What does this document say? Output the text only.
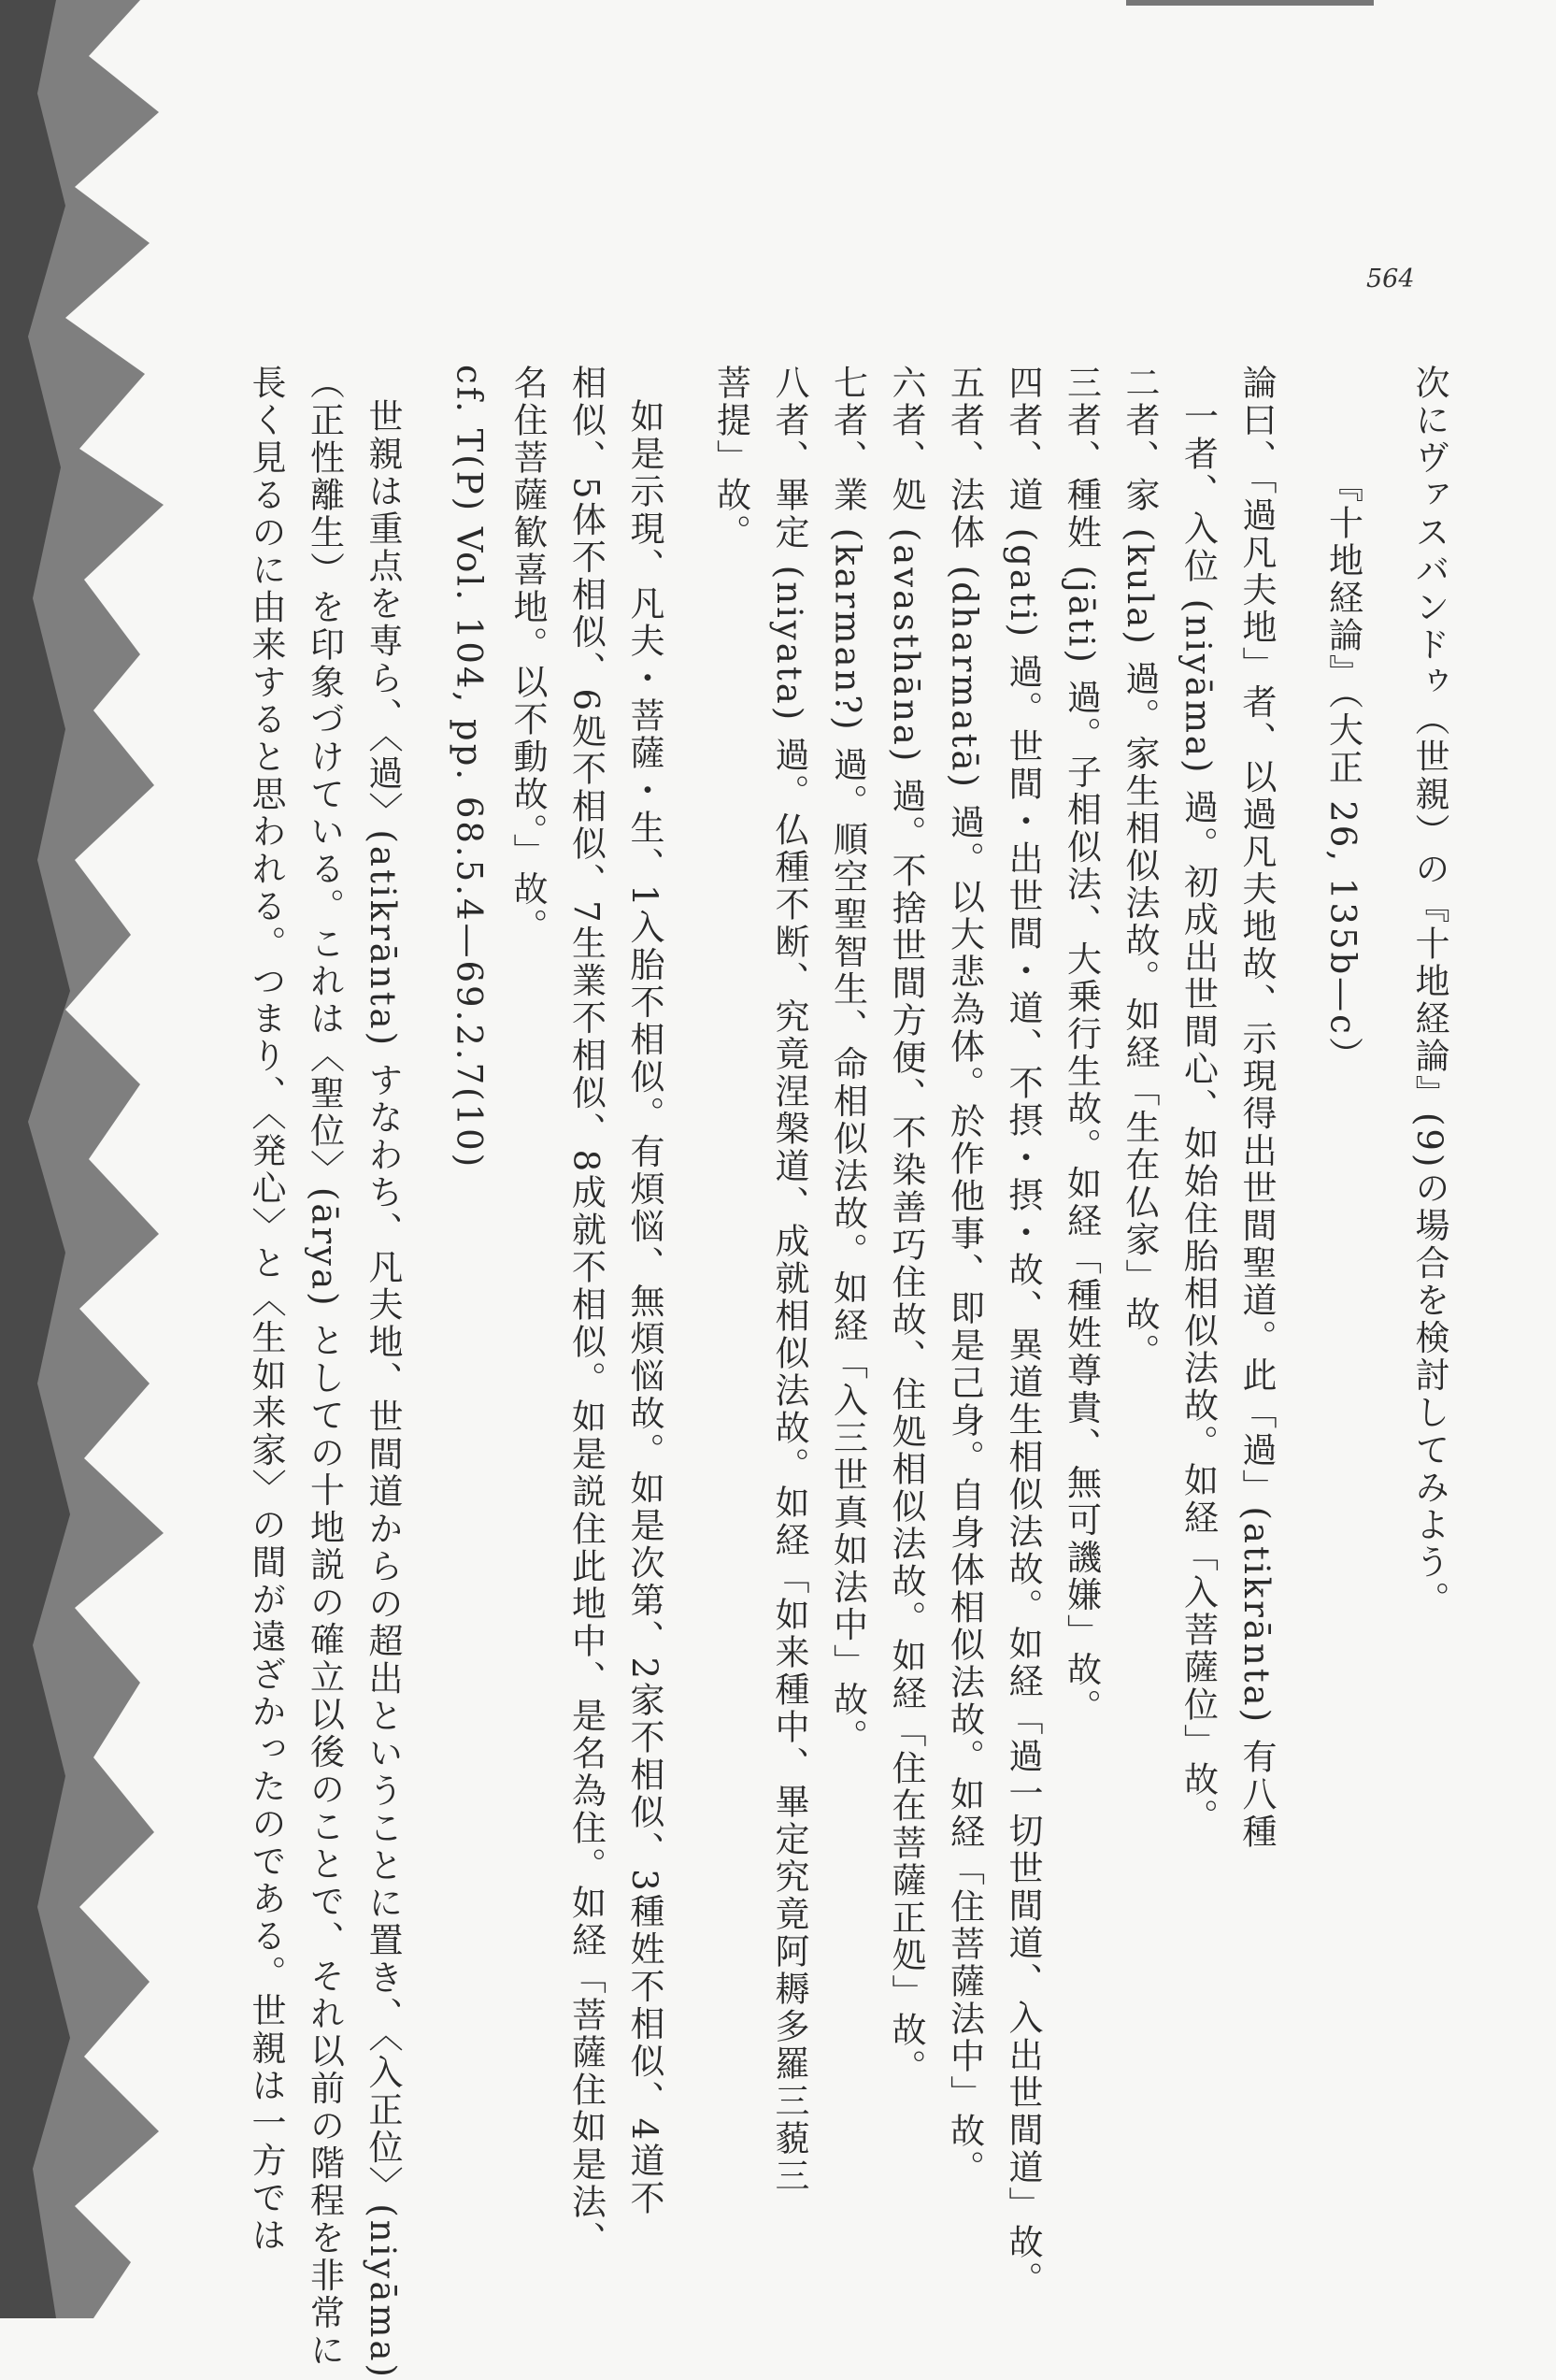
564

次にヴァスバンドゥ（世親）の『十地経論』(9)の場合を検討してみよう。

『十地経論』（大正 26, 135b—c）

論曰、「過凡夫地」者、以過凡夫地故、示現得出世間聖道。此「過」(atikrānta) 有八種

一者、入位 (niyāma) 過。初成出世間心、如始住胎相似法故。如経「入菩薩位」故。

二者、家 (kula) 過。家生相似法故。如経「生在仏家」故。

三者、種姓 (jāti) 過。子相似法、大乗行生故。如経「種姓尊貴、無可譏嫌」故。

四者、道 (gati) 過。世間・出世間・道、不摂・摂・故、異道生相似法故。如経「過一切世間道、入出世間道」故。

五者、法体 (dharmatā) 過。以大悲為体。於作他事、即是己身。自身体相似法故。如経「住菩薩法中」故。

六者、処 (avasthāna) 過。不捨世間方便、不染善巧住故、住処相似法故。如経「住在菩薩正処」故。

七者、業 (karman?) 過。順空聖智生、命相似法故。如経「入三世真如法中」故。

八者、畢定 (niyata) 過。仏種不断、究竟涅槃道、成就相似法故。如経「如来種中、畢定究竟阿耨多羅三藐三

菩提」故。

如是示現、凡夫・菩薩・生、1入胎不相似。有煩悩、無煩悩故。如是次第、2家不相似、3種姓不相似、4道不

相似、5体不相似、6処不相似、7生業不相似、8成就不相似。如是説住此地中、是名為住。如経「菩薩住如是法、

名住菩薩歓喜地。以不動故。」故。

cf. T(P) Vol. 104, pp. 68.5.4—69.2.7(10)

世親は重点を専ら、〈過〉(atikrānta) すなわち、凡夫地、世間道からの超出ということに置き、〈入正位〉(niyāma)

（正性離生）を印象づけている。これは〈聖位〉(ārya) としての十地説の確立以後のことで、それ以前の階程を非常に

長く見るのに由来すると思われる。つまり、〈発心〉と〈生如来家〉の間が遠ざかったのである。世親は一方では
